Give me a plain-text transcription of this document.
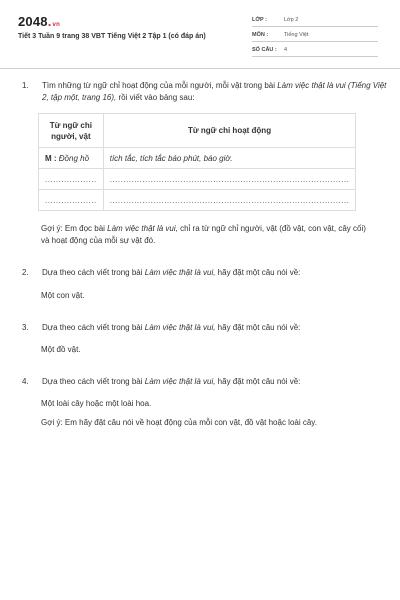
2048.vn
Tiết 3 Tuần 9 trang 38 VBT Tiếng Việt 2 Tập 1 (có đáp án)
LỚP :	Lớp 2
MÔN :	Tiếng Việt
SỐ CÂU : 4
1. Tìm những từ ngữ chỉ hoạt động của mỗi người, mỗi vật trong bài Làm việc thật là vui (Tiếng Việt 2, tập một, trang 16), rồi viết vào bảng sau:
Từ ngữ chỉ người, vật	Từ ngữ chỉ hoạt động
M : Đồng hồ	tích tắc, tích tắc báo phút, báo giờ.
...................	........................................................................................
...................	........................................................................................
Gợi ý: Em đọc bài Làm việc thật là vui, chỉ ra từ ngữ chỉ người, vật (đồ vật, con vật, cây cối) và hoạt động của mỗi sự vật đó.
2. Dựa theo cách viết trong bài Làm việc thật là vui, hãy đặt một câu nói về:
Một con vật.
3. Dựa theo cách viết trong bài Làm việc thật là vui, hãy đặt một câu nói về:
Một đồ vật.
4. Dựa theo cách viết trong bài Làm việc thật là vui, hãy đặt một câu nói về:
Một loài cây hoặc một loài hoa.
Gợi ý: Em hãy đặt câu nói về hoạt động của mỗi con vật, đồ vật hoặc loài cây.
